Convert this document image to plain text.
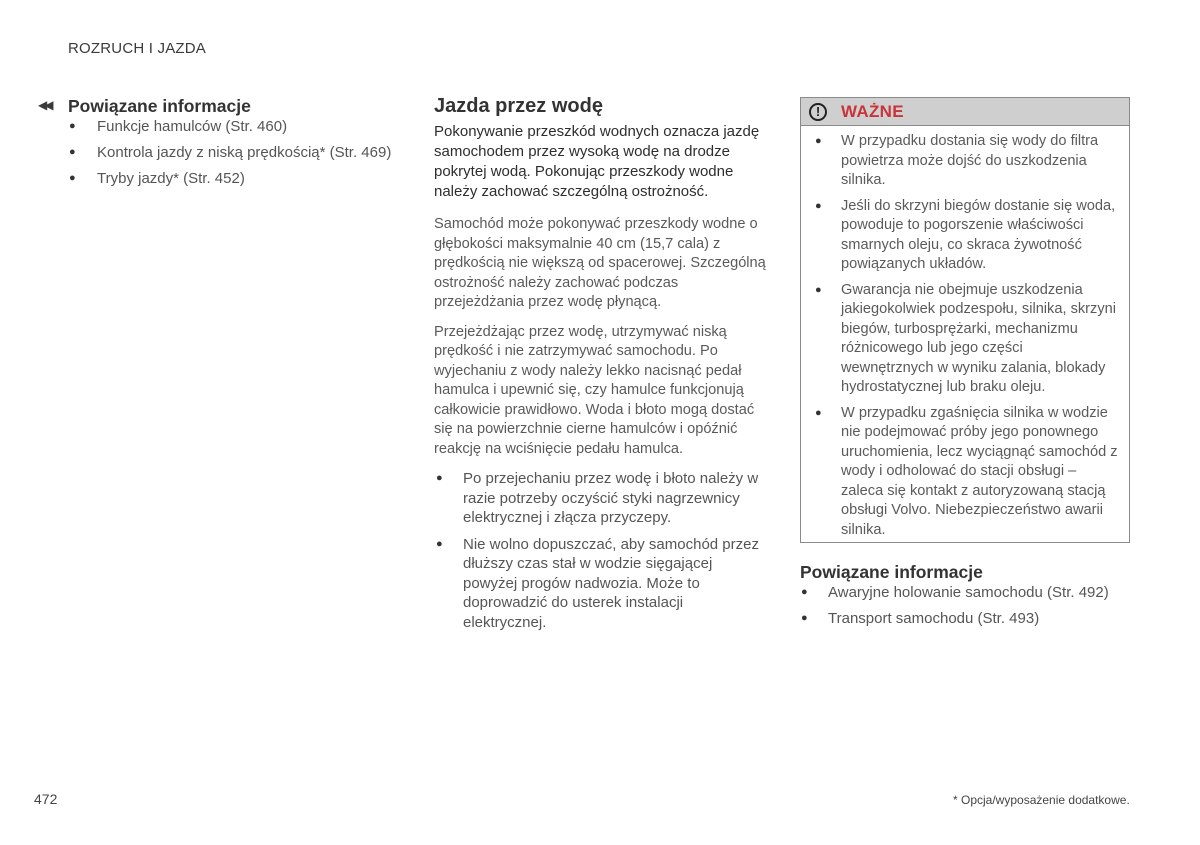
ROZRUCH I JAZDA
◀◀ Powiązane informacje
● Funkcje hamulców (Str. 460)
● Kontrola jazdy z niską prędkością* (Str. 469)
● Tryby jazdy* (Str. 452)
Jazda przez wodę

Pokonywanie przeszkód wodnych oznacza jazdę samochodem przez wysoką wodę na drodze pokrytej wodą. Pokonując przeszkody wodne należy zachować szczególną ostrożność.

Samochód może pokonywać przeszkody wodne o głębokości maksymalnie 40 cm (15,7 cala) z prędkością nie większą od spacerowej. Szczególną ostrożność należy zachować podczas przejeżdżania przez wodę płynącą.

Przejeżdżając przez wodę, utrzymywać niską prędkość i nie zatrzymywać samochodu. Po wyjechaniu z wody należy lekko nacisnąć pedał hamulca i upewnić się, czy hamulce funkcjonują całkowicie prawidłowo. Woda i błoto mogą dostać się na powierzchnie cierne hamulców i opóźnić reakcję na wciśnięcie pedału hamulca.

● Po przejechaniu przez wodę i błoto należy w razie potrzeby oczyścić styki nagrzewnicy elektrycznej i złącza przyczepy.
● Nie wolno dopuszczać, aby samochód przez dłuższy czas stał w wodzie sięgającej powyżej progów nadwozia. Może to doprowadzić do usterek instalacji elektrycznej.
!	WAŻNE
● W przypadku dostania się wody do filtra powietrza może dojść do uszkodzenia silnika.
● Jeśli do skrzyni biegów dostanie się woda, powoduje to pogorszenie właściwości smarnych oleju, co skraca żywotność powiązanych układów.
● Gwarancja nie obejmuje uszkodzenia jakiegokolwiek podzespołu, silnika, skrzyni biegów, turbosprężarki, mechanizmu różnicowego lub jego części wewnętrznych w wyniku zalania, blokady hydrostatycznej lub braku oleju.
● W przypadku zgaśnięcia silnika w wodzie nie podejmować próby jego ponownego uruchomienia, lecz wyciągnąć samochód z wody i odholować do stacji obsługi – zaleca się kontakt z autoryzowaną stacją obsługi Volvo. Niebezpieczeństwo awarii silnika.
Powiązane informacje
● Awaryjne holowanie samochodu (Str. 492)
● Transport samochodu (Str. 493)
472	* Opcja/wyposażenie dodatkowe.
